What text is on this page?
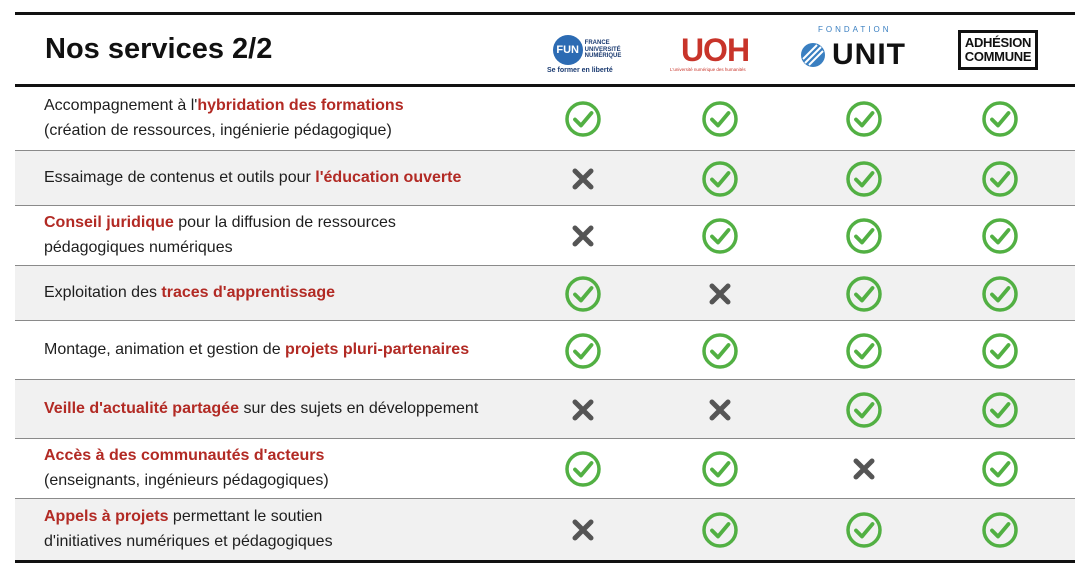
Nos services 2/2	FUN
FRANCE
UNIVERSITÉ
NUMÉRIQUE
Se former en liberté
UOH
L'université numérique des humanités
FONDATION
UNIT	ADHÉSION
COMMUNE
Accompagnement à l'hybridation des formations
(création de ressources, ingénierie pédagogique)
Essaimage de contenus et outils pour l'éducation ouverte
Conseil juridique pour la diffusion de ressources
pédagogiques numériques
Exploitation des traces d'apprentissage
Montage, animation et gestion de projets pluri-partenaires
Veille d'actualité partagée sur des sujets en développement
Accès à des communautés d'acteurs
(enseignants, ingénieurs pédagogiques)
Appels à projets permettant le soutien
d'initiatives numériques et pédagogiques
